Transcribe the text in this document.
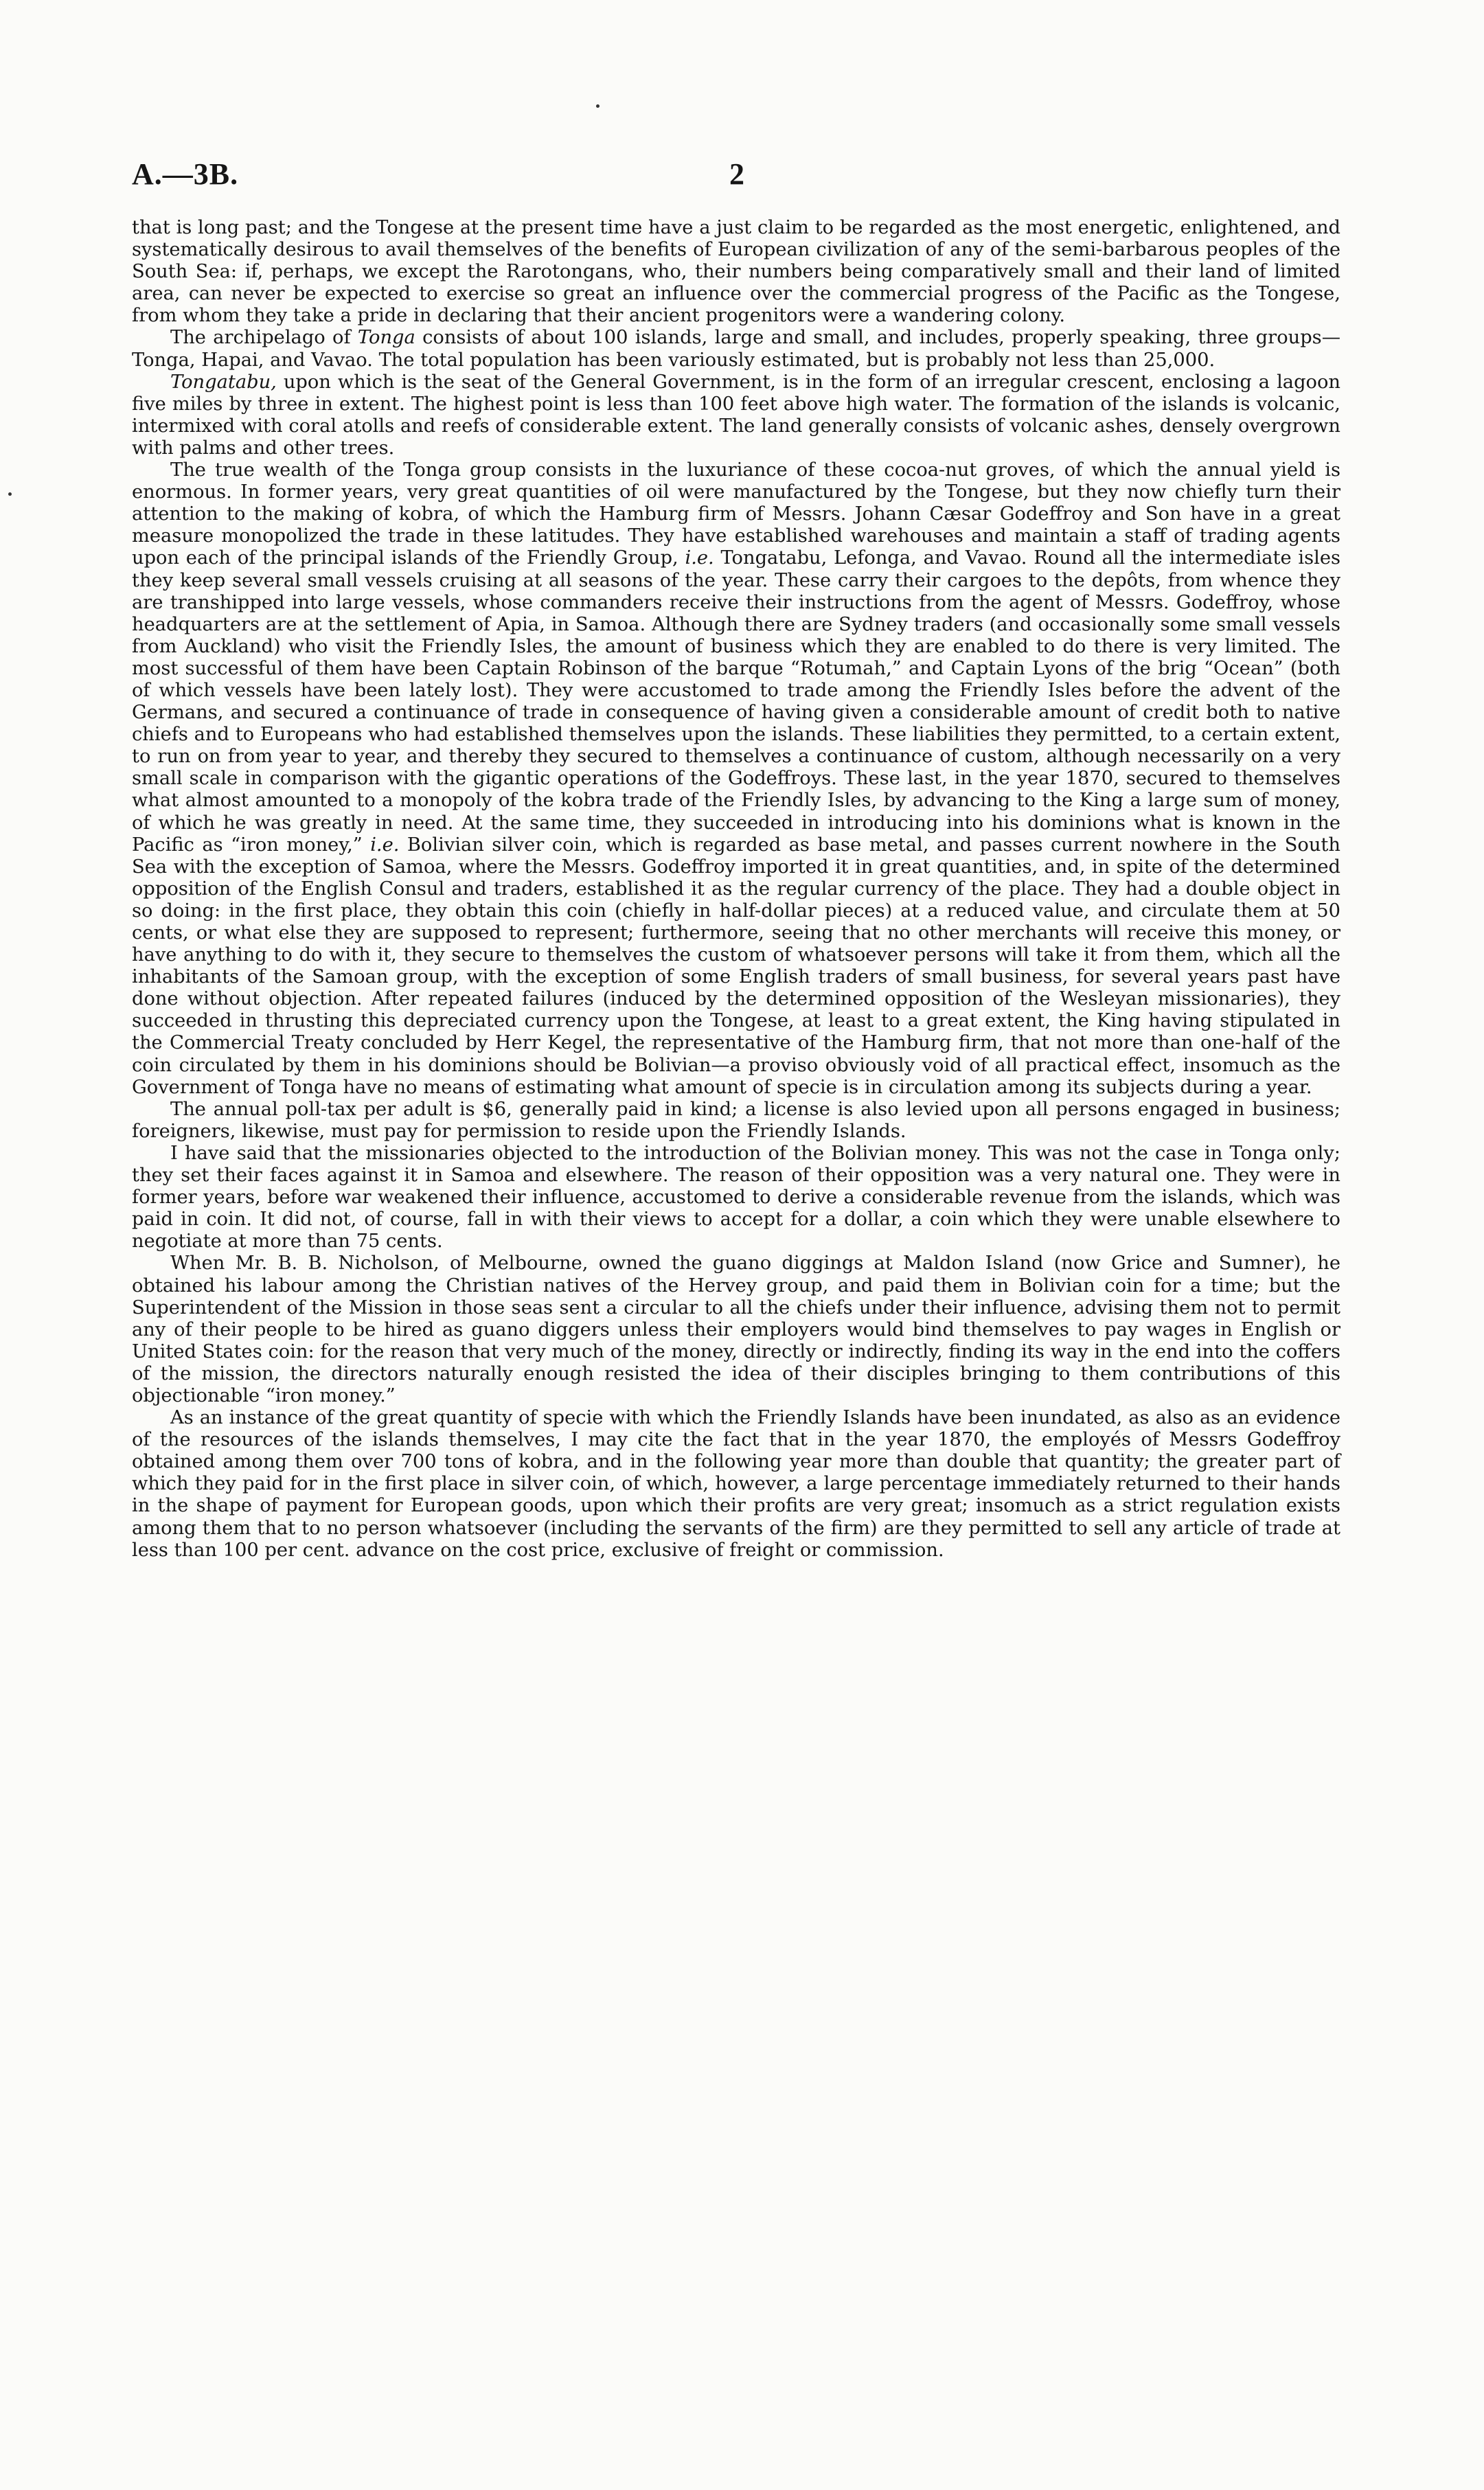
A.—3B.	2

that is long past; and the Tongese at the present time have a just claim to be regarded as the most energetic, enlightened, and systematically desirous to avail themselves of the benefits of European civilization of any of the semi-barbarous peoples of the South Sea: if, perhaps, we except the Rarotongans, who, their numbers being comparatively small and their land of limited area, can never be expected to exercise so great an influence over the commercial progress of the Pacific as the Tongese, from whom they take a pride in declaring that their ancient progenitors were a wandering colony.

The archipelago of Tonga consists of about 100 islands, large and small, and includes, properly speaking, three groups—Tonga, Hapai, and Vavao. The total population has been variously estimated, but is probably not less than 25,000.

Tongatabu, upon which is the seat of the General Government, is in the form of an irregular crescent, enclosing a lagoon five miles by three in extent. The highest point is less than 100 feet above high water. The formation of the islands is volcanic, intermixed with coral atolls and reefs of considerable extent. The land generally consists of volcanic ashes, densely overgrown with palms and other trees.

The true wealth of the Tonga group consists in the luxuriance of these cocoa-nut groves, of which the annual yield is enormous. In former years, very great quantities of oil were manufactured by the Tongese, but they now chiefly turn their attention to the making of kobra, of which the Hamburg firm of Messrs. Johann Cæsar Godeffroy and Son have in a great measure monopolized the trade in these latitudes. They have established warehouses and maintain a staff of trading agents upon each of the principal islands of the Friendly Group, i.e. Tongatabu, Lefonga, and Vavao. Round all the intermediate isles they keep several small vessels cruising at all seasons of the year. These carry their cargoes to the depôts, from whence they are transhipped into large vessels, whose commanders receive their instructions from the agent of Messrs. Godeffroy, whose headquarters are at the settlement of Apia, in Samoa. Although there are Sydney traders (and occasionally some small vessels from Auckland) who visit the Friendly Isles, the amount of business which they are enabled to do there is very limited. The most successful of them have been Captain Robinson of the barque “Rotumah,” and Captain Lyons of the brig “Ocean” (both of which vessels have been lately lost). They were accustomed to trade among the Friendly Isles before the advent of the Germans, and secured a continuance of trade in consequence of having given a considerable amount of credit both to native chiefs and to Europeans who had established themselves upon the islands. These liabilities they permitted, to a certain extent, to run on from year to year, and thereby they secured to themselves a continuance of custom, although necessarily on a very small scale in comparison with the gigantic operations of the Godeffroys. These last, in the year 1870, secured to themselves what almost amounted to a monopoly of the kobra trade of the Friendly Isles, by advancing to the King a large sum of money, of which he was greatly in need. At the same time, they succeeded in introducing into his dominions what is known in the Pacific as “iron money,” i.e. Bolivian silver coin, which is regarded as base metal, and passes current nowhere in the South Sea with the exception of Samoa, where the Messrs. Godeffroy imported it in great quantities, and, in spite of the determined opposition of the English Consul and traders, established it as the regular currency of the place. They had a double object in so doing: in the first place, they obtain this coin (chiefly in half-dollar pieces) at a reduced value, and circulate them at 50 cents, or what else they are supposed to represent; furthermore, seeing that no other merchants will receive this money, or have anything to do with it, they secure to themselves the custom of whatsoever persons will take it from them, which all the inhabitants of the Samoan group, with the exception of some English traders of small business, for several years past have done without objection. After repeated failures (induced by the determined opposition of the Wesleyan missionaries), they succeeded in thrusting this depreciated currency upon the Tongese, at least to a great extent, the King having stipulated in the Commercial Treaty concluded by Herr Kegel, the representative of the Hamburg firm, that not more than one-half of the coin circulated by them in his dominions should be Bolivian—a proviso obviously void of all practical effect, insomuch as the Government of Tonga have no means of estimating what amount of specie is in circulation among its subjects during a year.

The annual poll-tax per adult is $6, generally paid in kind; a license is also levied upon all persons engaged in business; foreigners, likewise, must pay for permission to reside upon the Friendly Islands.

I have said that the missionaries objected to the introduction of the Bolivian money. This was not the case in Tonga only; they set their faces against it in Samoa and elsewhere. The reason of their opposition was a very natural one. They were in former years, before war weakened their influence, accustomed to derive a considerable revenue from the islands, which was paid in coin. It did not, of course, fall in with their views to accept for a dollar, a coin which they were unable elsewhere to negotiate at more than 75 cents.

When Mr. B. B. Nicholson, of Melbourne, owned the guano diggings at Maldon Island (now Grice and Sumner), he obtained his labour among the Christian natives of the Hervey group, and paid them in Bolivian coin for a time; but the Superintendent of the Mission in those seas sent a circular to all the chiefs under their influence, advising them not to permit any of their people to be hired as guano diggers unless their employers would bind themselves to pay wages in English or United States coin: for the reason that very much of the money, directly or indirectly, finding its way in the end into the coffers of the mission, the directors naturally enough resisted the idea of their disciples bringing to them contributions of this objectionable “iron money.”

As an instance of the great quantity of specie with which the Friendly Islands have been inundated, as also as an evidence of the resources of the islands themselves, I may cite the fact that in the year 1870, the employés of Messrs Godeffroy obtained among them over 700 tons of kobra, and in the following year more than double that quantity; the greater part of which they paid for in the first place in silver coin, of which, however, a large percentage immediately returned to their hands in the shape of payment for European goods, upon which their profits are very great; insomuch as a strict regulation exists among them that to no person whatsoever (including the servants of the firm) are they permitted to sell any article of trade at less than 100 per cent. advance on the cost price, exclusive of freight or commission.
